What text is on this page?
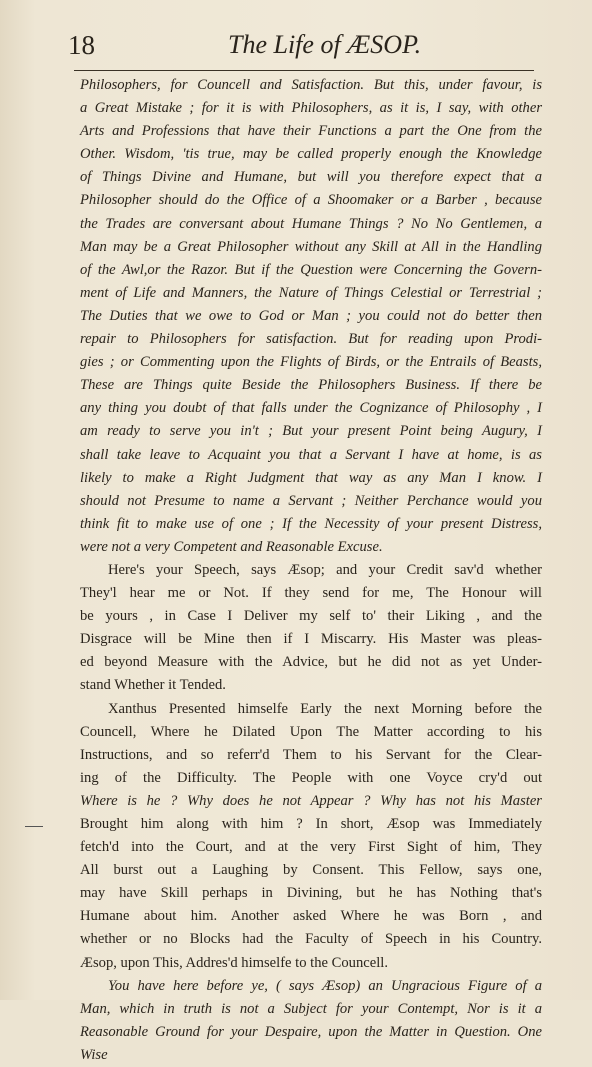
18	The Life of ÆSOP.
Philosophers, for Councell and Satisfaction. But this, under favour, is
a Great Mistake ; for it is with Philosophers, as it is, I say, with other
Arts and Professions that have their Functions a part the One from the
Other. Wisdom, 'tis true, may be called properly enough the Knowledge
of Things Divine and Humane, but will you therefore expect that a
Philosopher should do the Office of a Shoomaker or a Barber , because
the Trades are conversant about Humane Things ? No No Gentlemen, a
Man may be a Great Philosopher without any Skill at All in the Handling
of the Awl,or the Razor. But if the Question were Concerning the Govern-
ment of Life and Manners, the Nature of Things Celestial or Terrestrial ;
The Duties that we owe to God or Man ; you could not do better then
repair to Philosophers for satisfaction. But for reading upon Prodi-
gies ; or Commenting upon the Flights of Birds, or the Entrails of Beasts,
These are Things quite Beside the Philosophers Business. If there be
any thing you doubt of that falls under the Cognizance of Philosophy , I
am ready to serve you in't ; But your present Point being Augury, I
shall take leave to Acquaint you that a Servant I have at home, is as
likely to make a Right Judgment that way as any Man I know. I
should not Presume to name a Servant ; Neither Perchance would you
think fit to make use of one ; If the Necessity of your present Distress,
were not a very Competent and Reasonable Excuse.
Here's your Speech, says Æsop; and your Credit sav'd whether
They'l hear me or Not. If they send for me, The Honour will
be yours , in Case I Deliver my self to' their Liking , and the
Disgrace will be Mine then if I Miscarry. His Master was pleas-
ed beyond Measure with the Advice, but he did not as yet Under-
stand Whether it Tended.
Xanthus Presented himselfe Early the next Morning before the
Councell, Where he Dilated Upon The Matter according to his
Instructions, and so referr'd Them to his Servant for the Clear-
ing of the Difficulty. The People with one Voyce cry'd out
Where is he ? Why does he not Appear ? Why has not his Master
Brought him along with him ? In short, Æsop was Immediately
fetch'd into the Court, and at the very First Sight of him, They
All burst out a Laughing by Consent. This Fellow, says one,
may have Skill perhaps in Divining, but he has Nothing that's
Humane about him. Another asked Where he was Born , and
whether or no Blocks had the Faculty of Speech in his Country.
Æsop, upon This, Addres'd himselfe to the Councell.
You have here before ye, ( says Æsop) an Ungracious Figure of a
Man, which in truth is not a Subject for your Contempt, Nor is it a
Reasonable Ground for your Despaire, upon the Matter in Question. One
Wise
